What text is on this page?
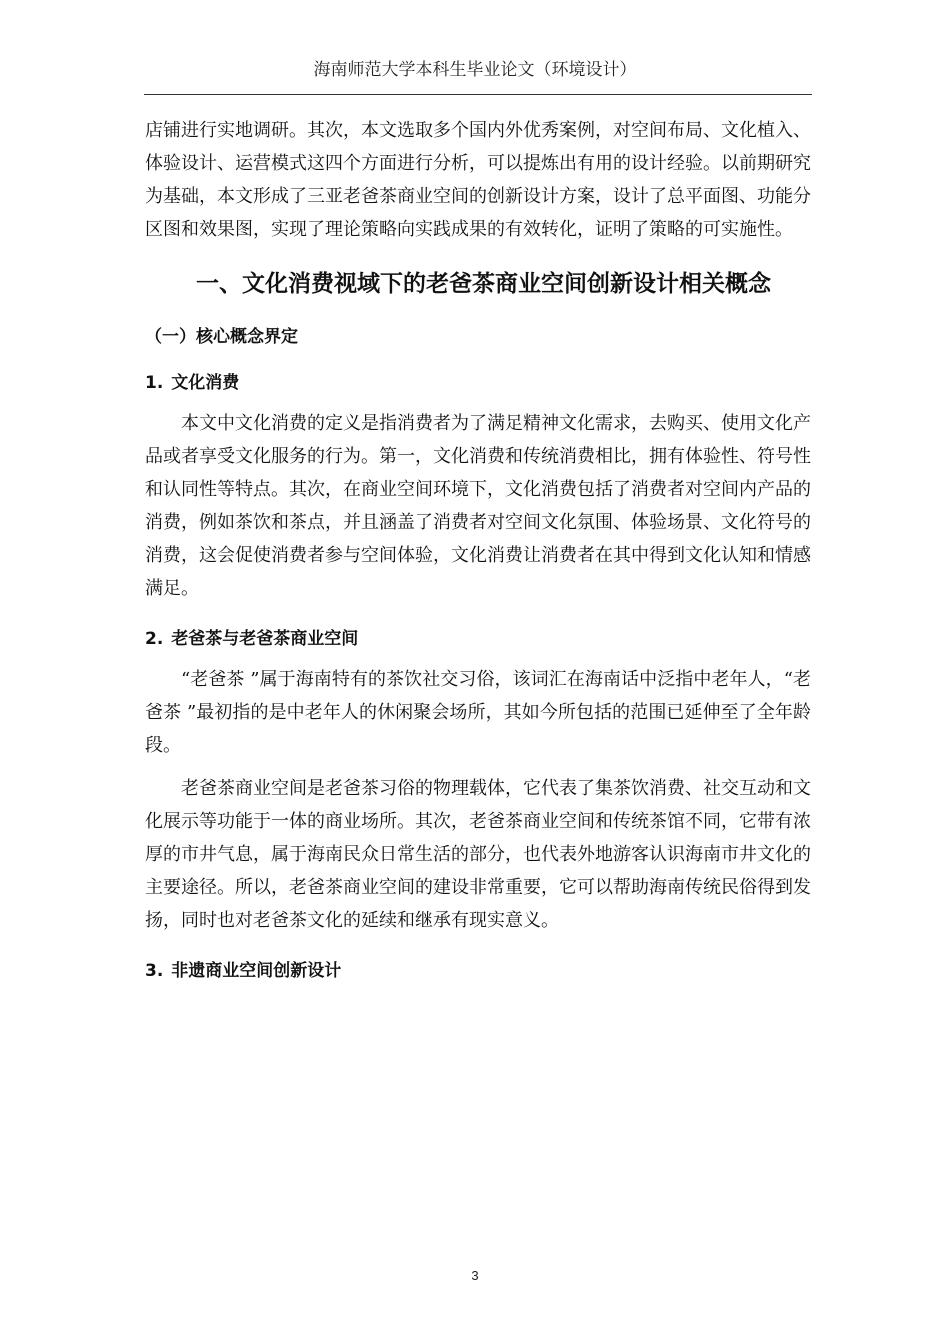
海南师范大学本科生毕业论文（环境设计）

店铺进行实地调研。其次，本文选取多个国内外优秀案例，对空间布局、文化植入、体验设计、运营模式这四个方面进行分析，可以提炼出有用的设计经验。以前期研究为基础，本文形成了三亚老爸茶商业空间的创新设计方案，设计了总平面图、功能分区图和效果图，实现了理论策略向实践成果的有效转化，证明了策略的可实施性。

一、文化消费视域下的老爸茶商业空间创新设计相关概念
（一）核心概念界定
1. 文化消费

本文中文化消费的定义是指消费者为了满足精神文化需求，去购买、使用文化产品或者享受文化服务的行为。第一，文化消费和传统消费相比，拥有体验性、符号性和认同性等特点。其次，在商业空间环境下，文化消费包括了消费者对空间内产品的消费，例如茶饮和茶点，并且涵盖了消费者对空间文化氛围、体验场景、文化符号的消费，这会促使消费者参与空间体验，文化消费让消费者在其中得到文化认知和情感满足。

2. 老爸茶与老爸茶商业空间

“老爸茶 ”属于海南特有的茶饮社交习俗，该词汇在海南话中泛指中老年人，“老爸茶 ”最初指的是中老年人的休闲聚会场所，其如今所包括的范围已延伸至了全年龄段。

老爸茶商业空间是老爸茶习俗的物理载体，它代表了集茶饮消费、社交互动和文化展示等功能于一体的商业场所。其次，老爸茶商业空间和传统茶馆不同，它带有浓厚的市井气息，属于海南民众日常生活的部分，也代表外地游客认识海南市井文化的主要途径。所以，老爸茶商业空间的建设非常重要，它可以帮助海南传统民俗得到发扬，同时也对老爸茶文化的延续和继承有现实意义。

3. 非遗商业空间创新设计
3
